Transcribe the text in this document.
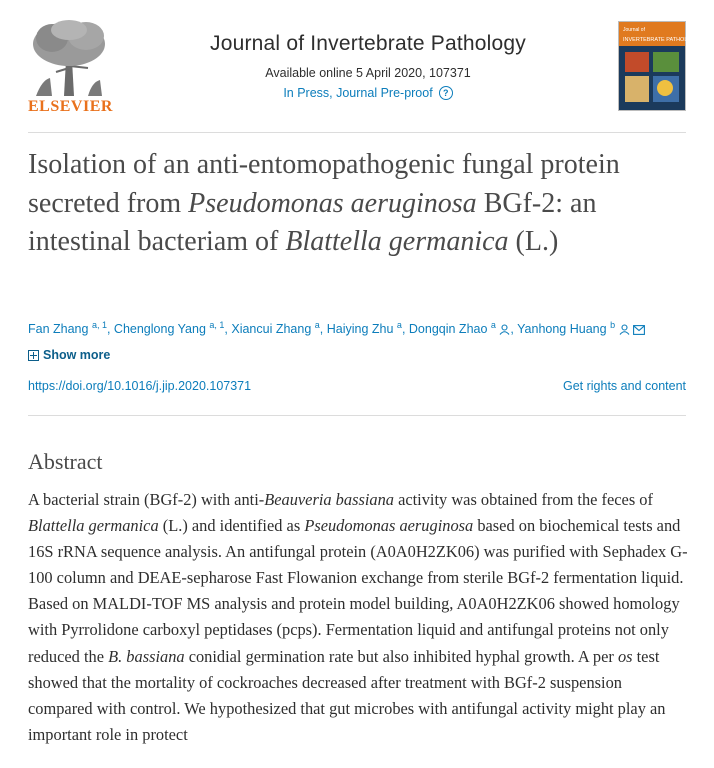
ELSEVIER
Journal of Invertebrate Pathology
Available online 5 April 2020, 107371
In Press, Journal Pre-proof	?
Journal of
INVERTEBRATE PATHOLOGY
Isolation of an anti-entomopathogenic fungal protein secreted from Pseudomonas aeruginosa BGf-2: an intestinal bacteriam of Blattella germanica (L.)
Fan Zhang $^{a, 1}$, Chenglong Yang $^{a, 1}$, Xiancui Zhang $^a$, Haiying Zhu $^a$, Dongqin Zhao $^a$ , Yanhong Huang $^b$
Show more
https://doi.org/10.1016/j.jip.2020.107371	Get rights and content
Abstract

A bacterial strain (BGf-2) with anti-Beauveria bassiana activity was obtained from the feces of Blattella germanica (L.) and identified as Pseudomonas aeruginosa based on biochemical tests and 16S rRNA sequence analysis. An antifungal protein (A0A0H2ZK06) was purified with Sephadex G-100 column and DEAE-sepharose Fast Flowanion exchange from sterile BGf-2 fermentation liquid. Based on MALDI-TOF MS analysis and protein model building, A0A0H2ZK06 showed homology with Pyrrolidone carboxyl peptidases (pcps). Fermentation liquid and antifungal proteins not only reduced the B. bassiana conidial germination rate but also inhibited hyphal growth. A per os test showed that the mortality of cockroaches decreased after treatment with BGf-2 suspension compared with control. We hypothesized that gut microbes with antifungal activity might play an important role in protect
